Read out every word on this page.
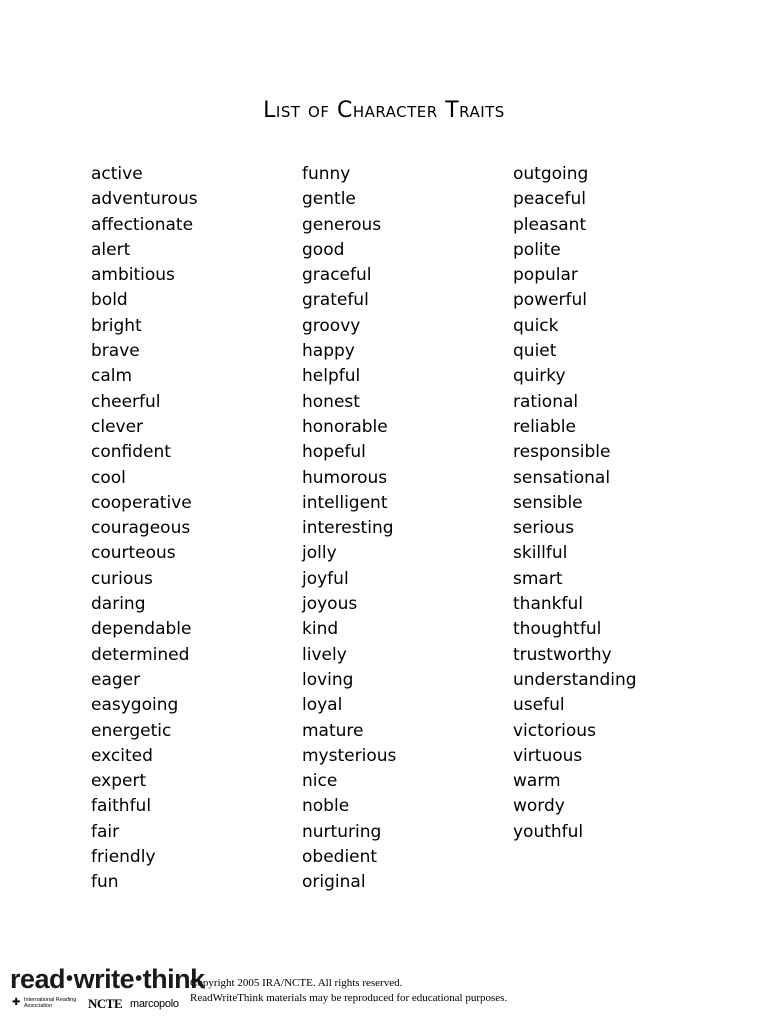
List of Character Traits
active
adventurous
affectionate
alert
ambitious
bold
bright
brave
calm
cheerful
clever
confident
cool
cooperative
courageous
courteous
curious
daring
dependable
determined
eager
easygoing
energetic
excited
expert
faithful
fair
friendly
fun
funny
gentle
generous
good
graceful
grateful
groovy
happy
helpful
honest
honorable
hopeful
humorous
intelligent
interesting
jolly
joyful
joyous
kind
lively
loving
loyal
mature
mysterious
nice
noble
nurturing
obedient
original
outgoing
peaceful
pleasant
polite
popular
powerful
quick
quiet
quirky
rational
reliable
responsible
sensational
sensible
serious
skillful
smart
thankful
thoughtful
trustworthy
understanding
useful
victorious
virtuous
warm
wordy
youthful
read•write•think
✚ International Reading Association	NCTE marcopolo
Copyright 2005 IRA/NCTE. All rights reserved.
ReadWriteThink materials may be reproduced for educational purposes.
